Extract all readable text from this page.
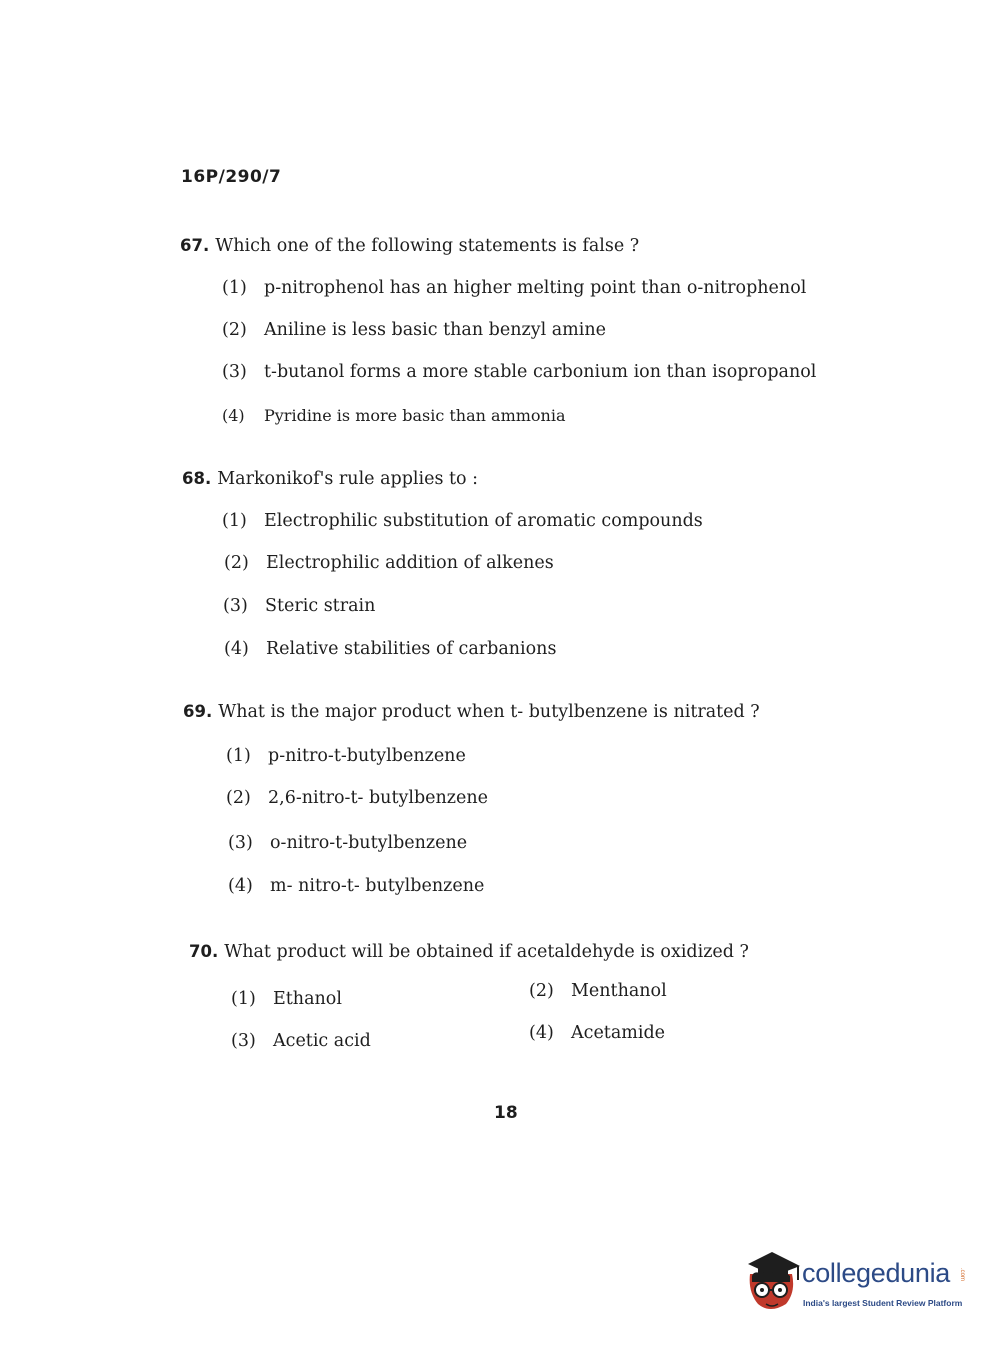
16P/290/7
67. Which one of the following statements is false ?
(1) p-nitrophenol has an higher melting point than o-nitrophenol
(2) Aniline is less basic than benzyl amine
(3) t-butanol forms a more stable carbonium ion than isopropanol
(4) Pyridine is more basic than ammonia
68. Markonikof's rule applies to :
(1) Electrophilic substitution of aromatic compounds
(2) Electrophilic addition of alkenes
(3) Steric strain
(4) Relative stabilities of carbanions
69. What is the major product when t- butylbenzene is nitrated ?
(1) p-nitro-t-butylbenzene
(2) 2,6-nitro-t- butylbenzene
(3) o-nitro-t-butylbenzene
(4) m- nitro-t- butylbenzene
70. What product will be obtained if acetaldehyde is oxidized ?
(1) Ethanol	(2) Menthanol
(3) Acetic acid	(4) Acetamide
18
collegedunia .com
India's largest Student Review Platform
